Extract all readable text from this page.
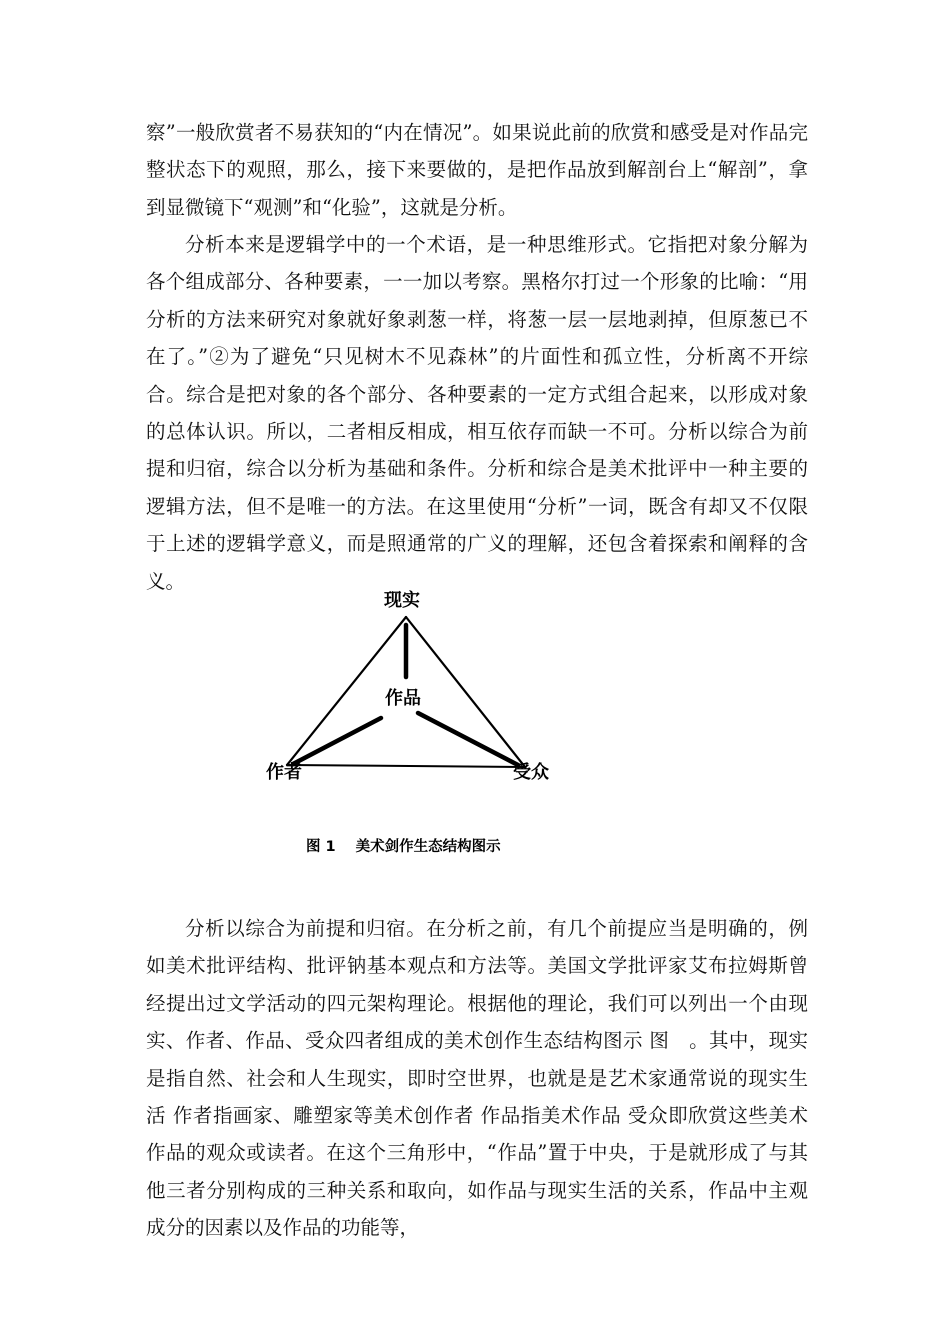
察”一般欣赏者不易获知的“内在情况”。如果说此前的欣赏和感受是对作品完整状态下的观照，那么，接下来要做的，是把作品放到解剖台上“解剖”，拿到显微镜下“观测”和“化验”，这就是分析。

分析本来是逻辑学中的一个术语，是一种思维形式。它指把对象分解为各个组成部分、各种要素，一一加以考察。黑格尔打过一个形象的比喻：“用分析的方法来研究对象就好象剥葱一样，将葱一层一层地剥掉，但原葱已不在了。”②为了避免“只见树木不见森林”的片面性和孤立性，分析离不开综合。综合是把对象的各个部分、各种要素的一定方式组合起来，以形成对象的总体认识。所以，二者相反相成，相互依存而缺一不可。分析以综合为前提和归宿，综合以分析为基础和条件。分析和综合是美术批评中一种主要的逻辑方法，但不是唯一的方法。在这里使用“分析”一词，既含有却又不仅限于上述的逻辑学意义，而是照通常的广义的理解，还包含着探索和阐释的含义。

现实
作品
作者	受众
图 1 美术剑作生态结构图示

分析以综合为前提和归宿。在分析之前，有几个前提应当是明确的，例如美术批评结构、批评钠基本观点和方法等。美国文学批评家艾布拉姆斯曾经提出过文学活动的四元架构理论。根据他的理论，我们可以列出一个由现实、作者、作品、受众四者组成的美术创作生态结构图示 图　。其中，现实是指自然、社会和人生现实，即时空世界，也就是是艺术家通常说的现实生活 作者指画家、雕塑家等美术创作者 作品指美术作品 受众即欣赏这些美术作品的观众或读者。在这个三角形中，“作品”置于中央，于是就形成了与其他三者分别构成的三种关系和取向，如作品与现实生活的关系，作品中主观成分的因素以及作品的功能等，
